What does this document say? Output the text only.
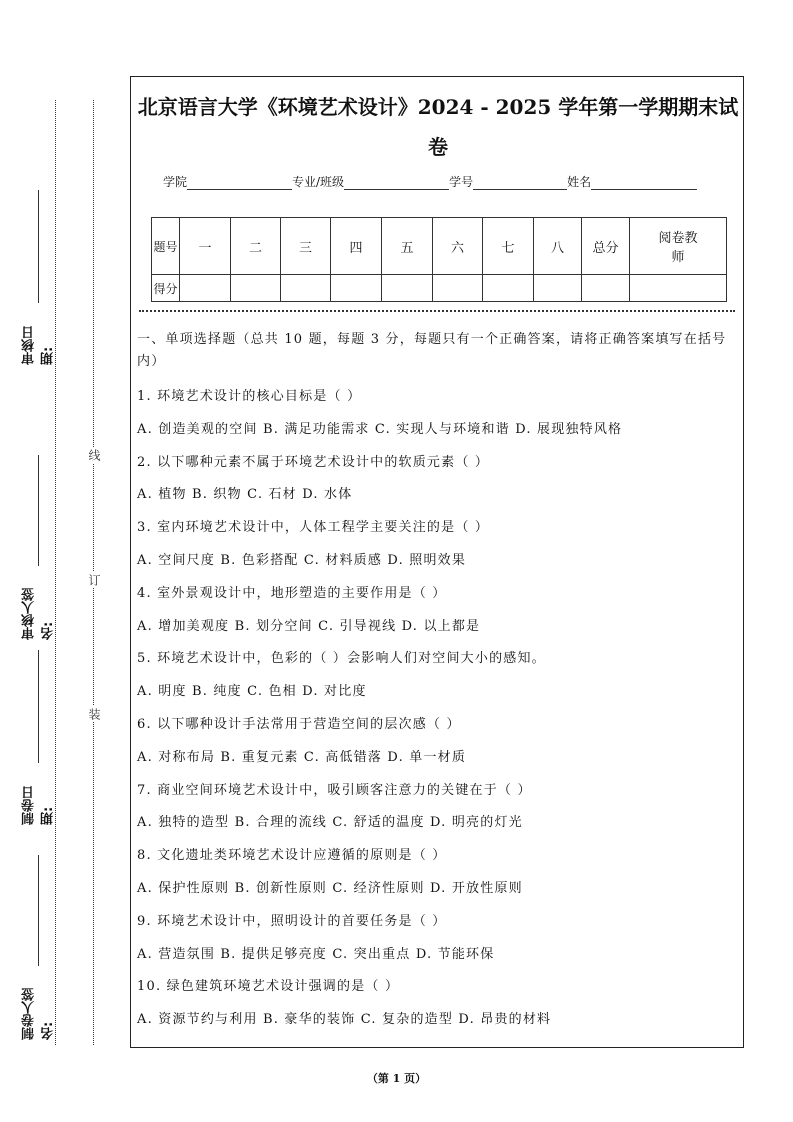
审核日期:
审核人签名:
制卷日期:
制卷人签名:
线
订
装
北京语言大学《环境艺术设计》2024 - 2025 学年第一学期期末试卷
学院	专业/班级	学号	姓名
题号	一	二	三	四	五	六	七	八	总分	阅卷教师
得分										
一、单项选择题（总共 10 题，每题 3 分，每题只有一个正确答案，请将正确答案填写在括号内）
1. 环境艺术设计的核心目标是（ ）
A. 创造美观的空间 B. 满足功能需求 C. 实现人与环境和谐 D. 展现独特风格
2. 以下哪种元素不属于环境艺术设计中的软质元素（ ）
A. 植物 B. 织物 C. 石材 D. 水体
3. 室内环境艺术设计中，人体工程学主要关注的是（ ）
A. 空间尺度 B. 色彩搭配 C. 材料质感 D. 照明效果
4. 室外景观设计中，地形塑造的主要作用是（ ）
A. 增加美观度 B. 划分空间 C. 引导视线 D. 以上都是
5. 环境艺术设计中，色彩的（ ）会影响人们对空间大小的感知。
A. 明度 B. 纯度 C. 色相 D. 对比度
6. 以下哪种设计手法常用于营造空间的层次感（ ）
A. 对称布局 B. 重复元素 C. 高低错落 D. 单一材质
7. 商业空间环境艺术设计中，吸引顾客注意力的关键在于（ ）
A. 独特的造型 B. 合理的流线 C. 舒适的温度 D. 明亮的灯光
8. 文化遗址类环境艺术设计应遵循的原则是（ ）
A. 保护性原则 B. 创新性原则 C. 经济性原则 D. 开放性原则
9. 环境艺术设计中，照明设计的首要任务是（ ）
A. 营造氛围 B. 提供足够亮度 C. 突出重点 D. 节能环保
10. 绿色建筑环境艺术设计强调的是（ ）
A. 资源节约与利用 B. 豪华的装饰 C. 复杂的造型 D. 昂贵的材料
（第 1 页）
